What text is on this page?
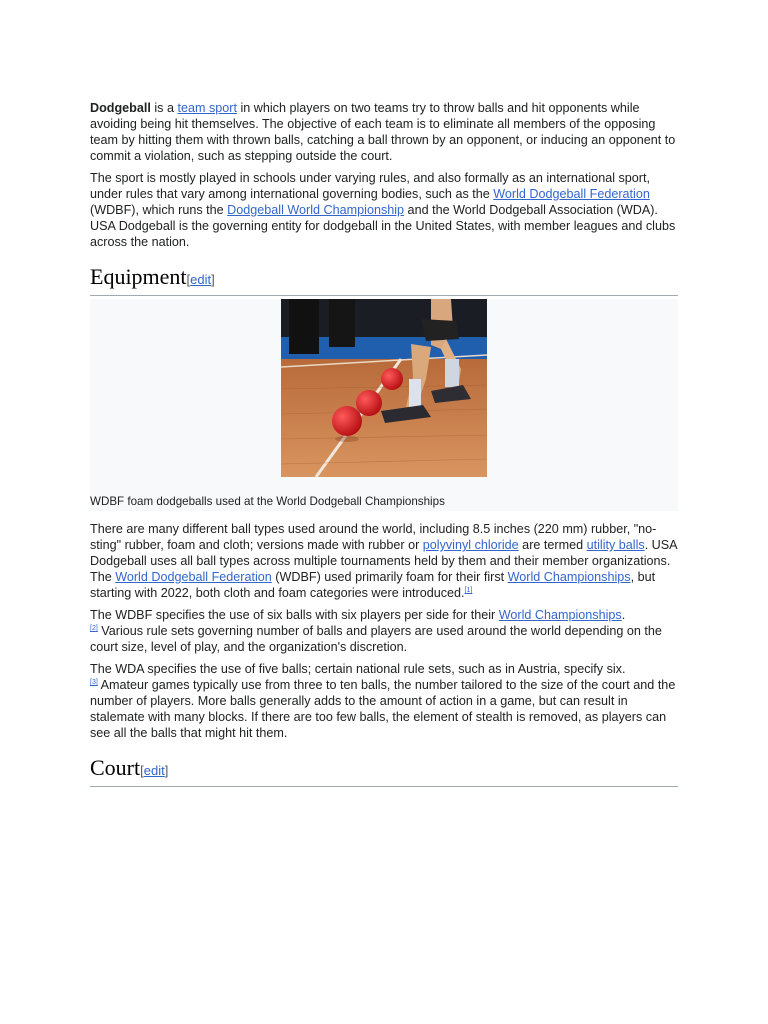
Dodgeball is a team sport in which players on two teams try to throw balls and hit opponents while avoiding being hit themselves. The objective of each team is to eliminate all members of the opposing team by hitting them with thrown balls, catching a ball thrown by an opponent, or inducing an opponent to commit a violation, such as stepping outside the court.

The sport is mostly played in schools under varying rules, and also formally as an international sport, under rules that vary among international governing bodies, such as the World Dodgeball Federation (WDBF), which runs the Dodgeball World Championship and the World Dodgeball Association (WDA). USA Dodgeball is the governing entity for dodgeball in the United States, with member leagues and clubs across the nation.

Equipment[edit]
WDBF foam dodgeballs used at the World Dodgeball Championships

There are many different ball types used around the world, including 8.5 inches (220 mm) rubber, "no-sting" rubber, foam and cloth; versions made with rubber or polyvinyl chloride are termed utility balls. USA Dodgeball uses all ball types across multiple tournaments held by them and their member organizations. The World Dodgeball Federation (WDBF) used primarily foam for their first World Championships, but starting with 2022, both cloth and foam categories were introduced.[1]

The WDBF specifies the use of six balls with six players per side for their World Championships.
[2] Various rule sets governing number of balls and players are used around the world depending on the court size, level of play, and the organization's discretion.

The WDA specifies the use of five balls; certain national rule sets, such as in Austria, specify six.
[3] Amateur games typically use from three to ten balls, the number tailored to the size of the court and the number of players. More balls generally adds to the amount of action in a game, but can result in stalemate with many blocks. If there are too few balls, the element of stealth is removed, as players can see all the balls that might hit them.

Court[edit]
